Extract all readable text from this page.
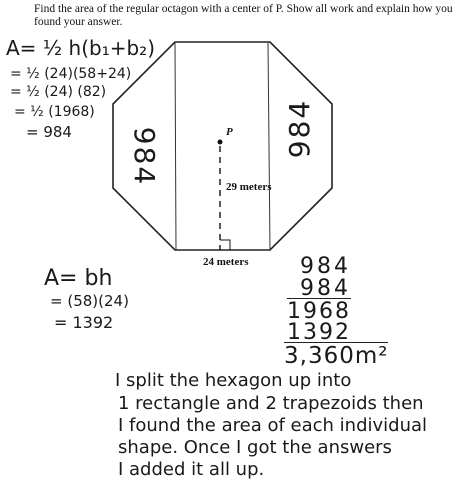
Find the area of the regular octagon with a center of P. Show all work and explain how you
found your answer.
P
29 meters
24 meters
984	984
A= ½ h(b₁+b₂)
= ½ (24)(58+24)
= ½ (24) (82)
= ½ (1968)
= 984
A= bh
= (58)(24)
= 1392
984
984
1968
1392
3,360m²
I split the hexagon up into
1 rectangle and 2 trapezoids then
I found the area of each individual
shape. Once I got the answers
I added it all up.
